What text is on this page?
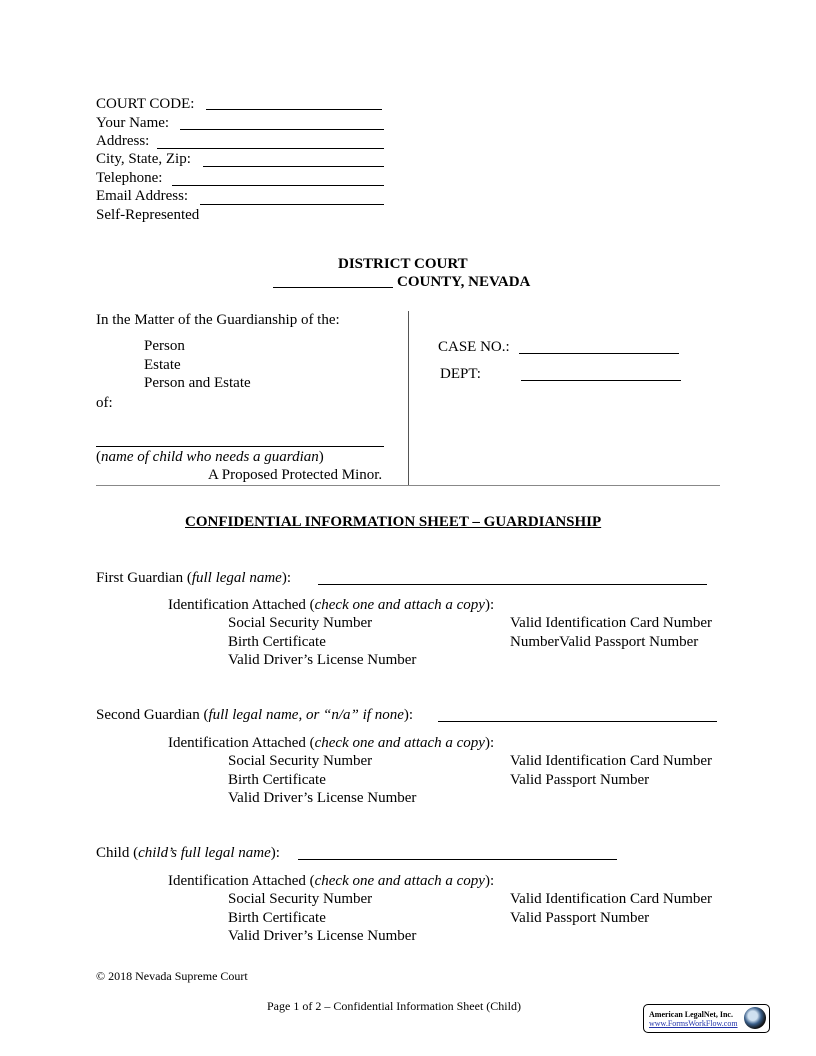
COURT CODE:
Your Name:
Address:
City, State, Zip:
Telephone:
Email Address:
Self-Represented
DISTRICT COURT
COUNTY, NEVADA
In the Matter of the Guardianship of the:
Person
Estate
Person and Estate
of:
(name of child who needs a guardian)
A Proposed Protected Minor.
CASE NO.:
DEPT:
CONFIDENTIAL INFORMATION SHEET – GUARDIANSHIP
First Guardian (full legal name):
Identification Attached (check one and attach a copy):
Social Security Number
Birth Certificate
Valid Driver’s License Number
Valid Identification Card Number
NumberValid Passport Number
Second Guardian (full legal name, or “n/a” if none):
Identification Attached (check one and attach a copy):
Social Security Number
Birth Certificate
Valid Driver’s License Number
Valid Identification Card Number
Valid Passport Number
Child (child’s full legal name):
Identification Attached (check one and attach a copy):
Social Security Number
Birth Certificate
Valid Driver’s License Number
Valid Identification Card Number
Valid Passport Number
© 2018 Nevada Supreme Court
Page 1 of 2 – Confidential Information Sheet (Child)
American LegalNet, Inc.
www.FormsWorkFlow.com
